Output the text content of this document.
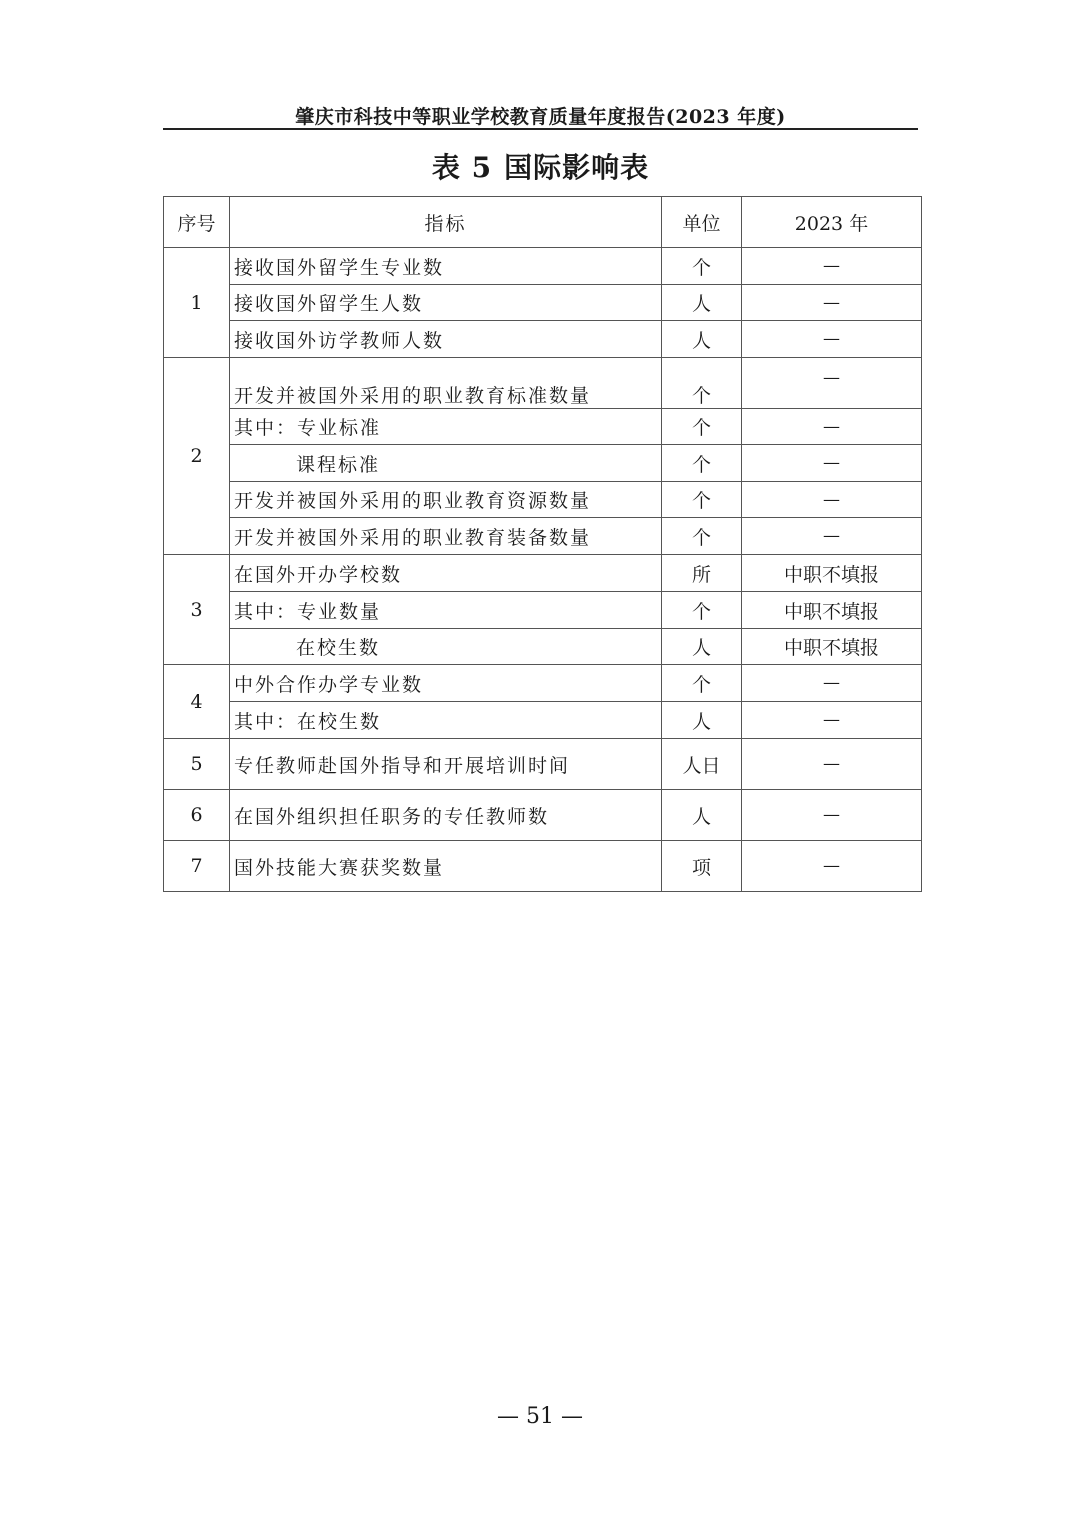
肇庆市科技中等职业学校教育质量年度报告(2023 年度)
表 5 国际影响表
序号	指标	单位	2023 年
1	接收国外留学生专业数	个	—
	接收国外留学生人数	人	—
	接收国外访学教师人数	人	—
2	开发并被国外采用的职业教育标准数量	个	—
	其中：专业标准	个	—
	课程标准	个	—
	开发并被国外采用的职业教育资源数量	个	—
	开发并被国外采用的职业教育装备数量	个	—
3	在国外开办学校数	所	中职不填报
	其中：专业数量	个	中职不填报
	在校生数	人	中职不填报
4	中外合作办学专业数	个	—
	其中：在校生数	人	—
5	专任教师赴国外指导和开展培训时间	人日	—
6	在国外组织担任职务的专任教师数	人	—
7	国外技能大赛获奖数量	项	—
— 51 —
